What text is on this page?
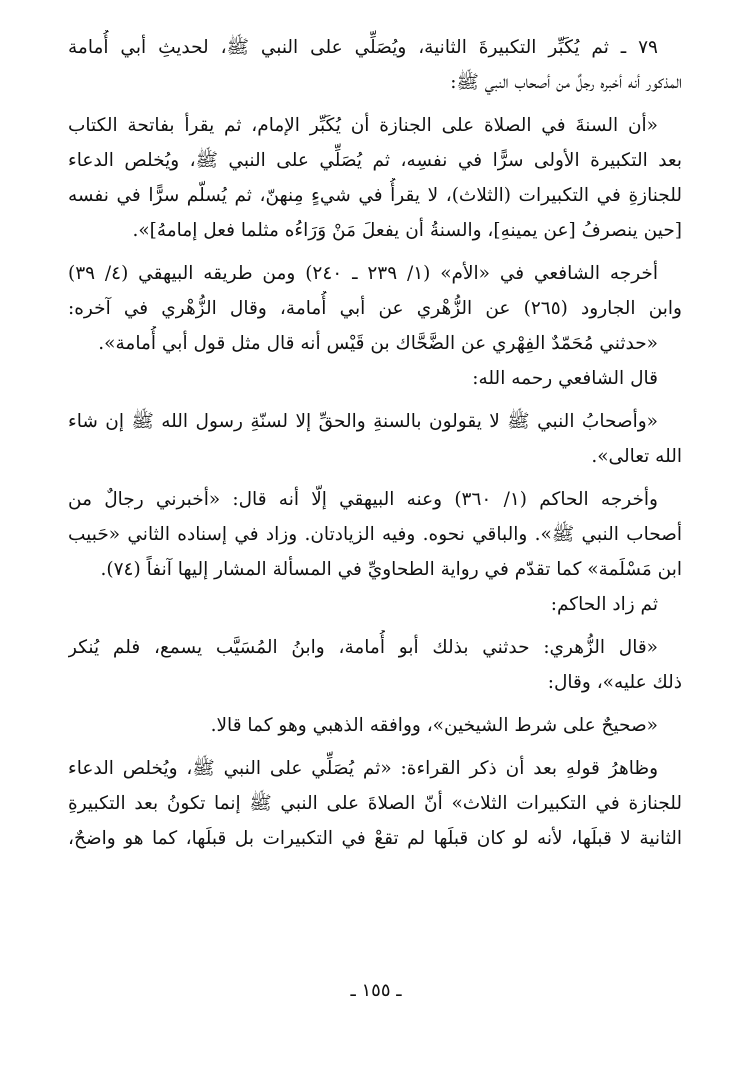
٧٩ ـ ثم يُكَبِّر التكبيرةَ الثانية، ويُصَلِّي على النبي ﷺ، لحديثِ أبي أُمامة
المذكور أنه أخبره رجلٌ من أصحاب النبي ﷺ:
«أن السنةَ في الصلاة على الجنازة أن يُكَبِّر الإمام، ثم يقرأ بفاتحة الكتاب
بعد التكبيرة الأولى سرًّا في نفسِه، ثم يُصَلِّي على النبي ﷺ، ويُخلص الدعاء
للجنازةِ في التكبيرات (الثلاث)، لا يقرأُ في شيءٍ مِنهنّ، ثم يُسلّم سرًّا في نفسه
[حين ينصرفُ [عن يمينهِ]، والسنةُ أن يفعلَ مَنْ وَرَاءُه مثلما فعل إمامهُ]».
أخرجه الشافعي في «الأم» (١/ ٢٣٩ ـ ٢٤٠) ومن طريقه البيهقي (٤/ ٣٩)
وابن الجارود (٢٦٥) عن الزُّهْري عن أبي أُمامة، وقال الزُّهْري في آخره:
«حدثني مُحَمّدٌ الفِهْري عن الضَّحَّاك بن قَيْس أنه قال مثل قول أبي أُمامة».
قال الشافعي رحمه الله:
«وأصحابُ النبي ﷺ لا يقولون بالسنةِ والحقِّ إلا لسنّةِ رسول الله ﷺ إن شاء
الله تعالى».
وأخرجه الحاكم (١/ ٣٦٠) وعنه البيهقي إلّا أنه قال: «أخبرني رجالٌ من
أصحاب النبي ﷺ». والباقي نحوه. وفيه الزيادتان. وزاد في إسناده الثاني «حَبيب
ابن مَسْلَمة» كما تقدّم في رواية الطحاويِّ في المسألة المشار إليها آنفاً (٧٤).
ثم زاد الحاكم:
«قال الزُّهري: حدثني بذلك أبو أُمامة، وابنُ المُسَيَّب يسمع، فلم يُنكر
ذلك عليه»، وقال:
«صحيحٌ على شرط الشيخين»، ووافقه الذهبي وهو كما قالا.
وظاهرُ قولهِ بعد أن ذكر القراءة: «ثم يُصَلِّي على النبي ﷺ، ويُخلص الدعاء
للجنازة في التكبيرات الثلاث» أنّ الصلاةَ على النبي ﷺ إنما تكونُ بعد التكبيرةِ
الثانية لا قبلَها، لأنه لو كان قبلَها لم تقعْ في التكبيرات بل قبلَها، كما هو واضحٌ،
ـ ١٥٥ ـ
